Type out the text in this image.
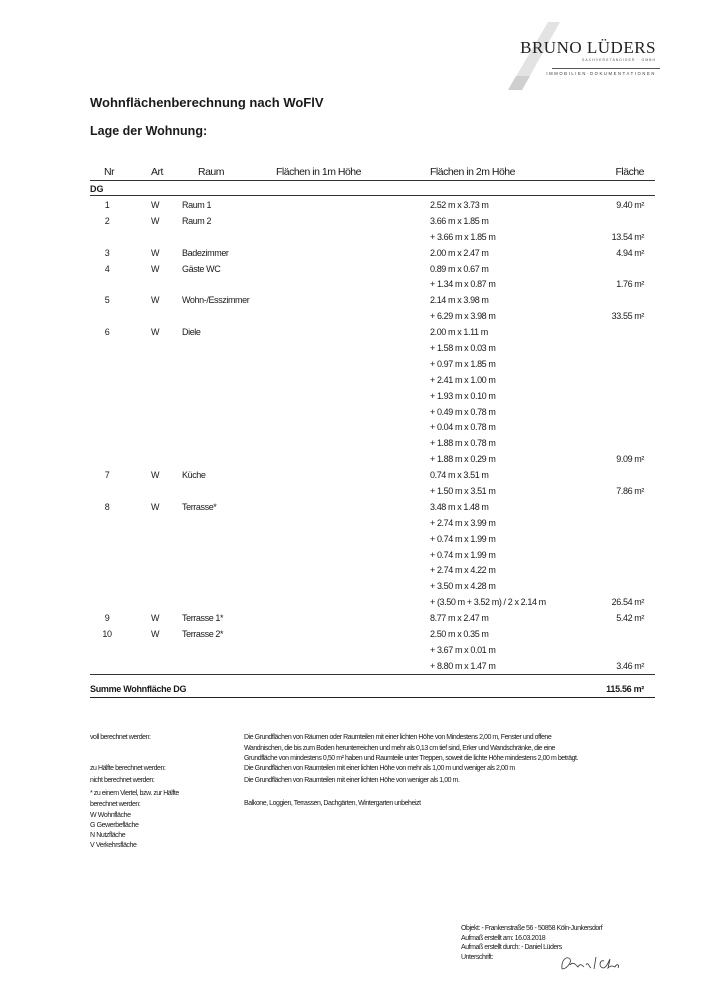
BRUNO LÜDERS
SACHVERSTÄNDIGER · GMBH
IMMOBILIEN·DOKUMENTATIONEN
Wohnflächenberechnung nach WoFlV
Lage der Wohnung:
Nr	Art	Raum	Flächen in 1m Höhe	Flächen in 2m Höhe	Fläche
DG
1	W	Raum 1	2.52 m x 3.73 m	9.40 m²
2	W	Raum 2	3.66 m x 1.85 m
+ 3.66 m x 1.85 m	13.54 m²
3	W	Badezimmer	2.00 m x 2.47 m	4.94 m²
4	W	Gäste WC	0.89 m x 0.67 m
+ 1.34 m x 0.87 m	1.76 m²
5	W	Wohn-/Esszimmer	2.14 m x 3.98 m
+ 6.29 m x 3.98 m	33.55 m²
6	W	Diele	2.00 m x 1.11 m
+ 1.58 m x 0.03 m
+ 0.97 m x 1.85 m
+ 2.41 m x 1.00 m
+ 1.93 m x 0.10 m
+ 0.49 m x 0.78 m
+ 0.04 m x 0.78 m
+ 1.88 m x 0.78 m
+ 1.88 m x 0.29 m	9.09 m²
7	W	Küche	0.74 m x 3.51 m
+ 1.50 m x 3.51 m	7.86 m²
8	W	Terrasse*	3.48 m x 1.48 m
+ 2.74 m x 3.99 m
+ 0.74 m x 1.99 m
+ 0.74 m x 1.99 m
+ 2.74 m x 4.22 m
+ 3.50 m x 4.28 m
+ (3.50 m + 3.52 m) / 2 x 2.14 m	26.54 m²
9	W	Terrasse 1*	8.77 m x 2.47 m	5.42 m²
10	W	Terrasse 2*	2.50 m x 0.35 m
+ 3.67 m x 0.01 m
+ 8.80 m x 1.47 m	3.46 m²
Summe Wohnfläche DG	115.56 m²
voll berechnet werden:	Die Grundflächen von Räumen oder Raumteilen mit einer lichten Höhe von Mindestens 2,00 m, Fenster und offene
Wandnischen, die bis zum Boden herunterreichen und mehr als 0,13 cm tief sind, Erker und Wandschränke, die eine
Grundfläche von mindestens 0,50 m² haben und Raumteile unter Treppen, soweit die lichte Höhe mindestens 2,00 m beträgt.
zu Hälfte berechnet werden:	Die Grundflächen von Raumteilen mit einer lichten Höhe von mehr als 1,00 m und weniger als 2,00 m
nicht berechnet werden:	Die Grundflächen von Raumteilen mit einer lichten Höhe von weniger als 1,00 m.
* zu einem Viertel, bzw. zur Hälfte
berechnet werden:	Balkone, Loggien, Terrassen, Dachgärten, Wintergarten unbeheizt
W Wohnfläche
G Gewerbefläche
N Nutzfläche
V Verkehrsfläche
Objekt: - Frankenstraße 56 - 50858 Köln-Junkersdorf
Aufmaß erstellt am: 16.03.2018
Aufmaß erstellt durch: - Daniel Lüders
Unterschrift:
